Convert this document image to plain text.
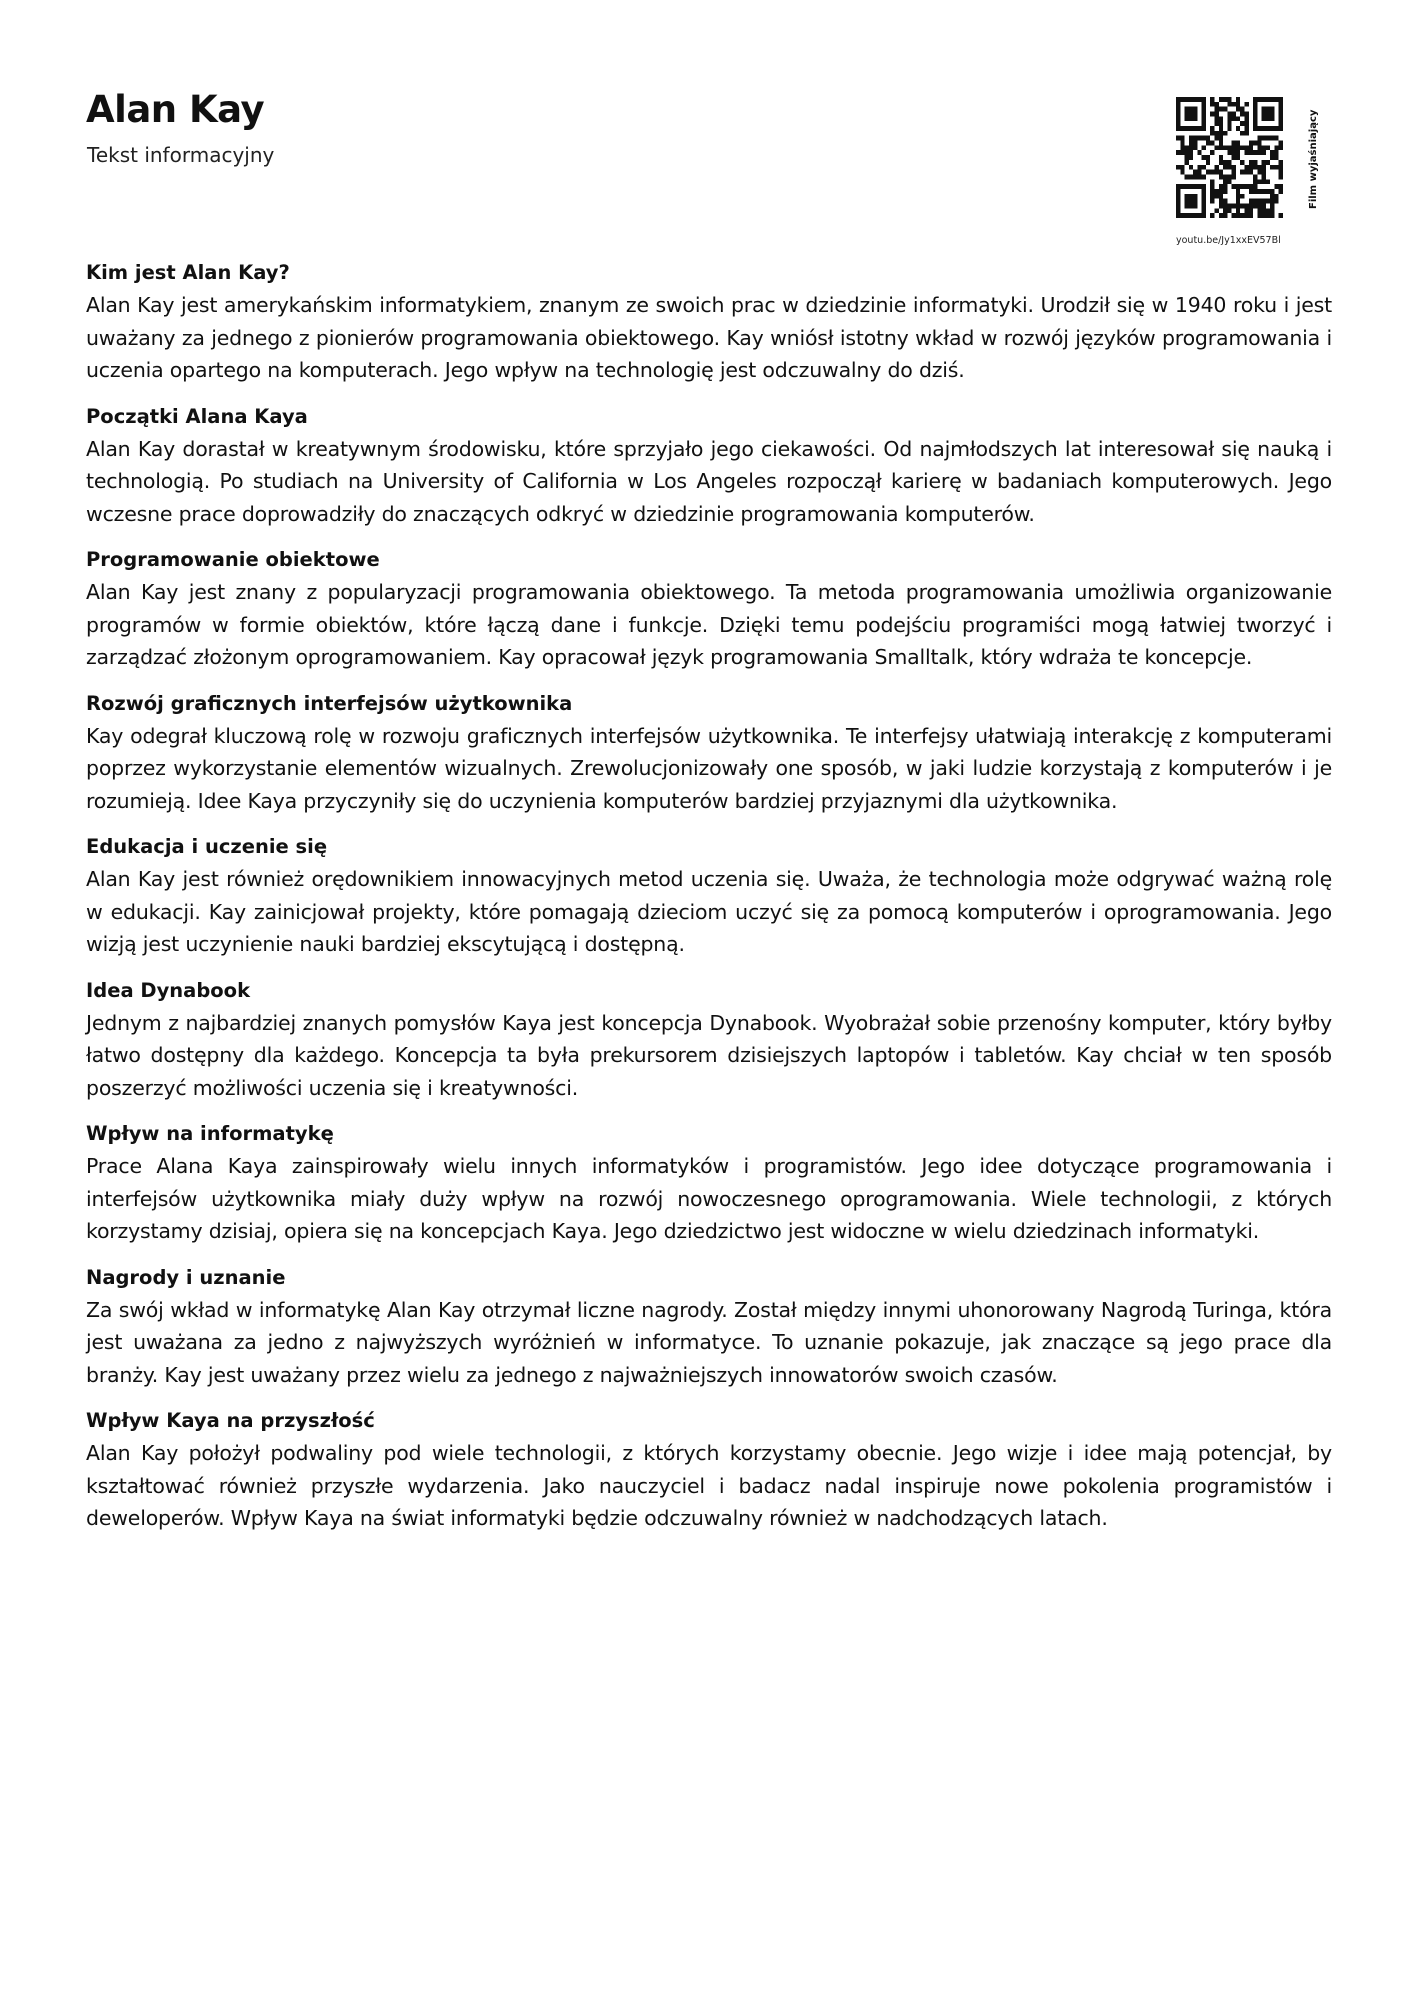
Alan Kay
Tekst informacyjny
youtu.be/Jy1xxEV57Bl
Film wyjaśniający
Kim jest Alan Kay?

Alan Kay jest amerykańskim informatykiem, znanym ze swoich prac w dziedzinie informatyki. Urodził się w 1940 roku i jest uważany za jednego z pionierów programowania obiektowego. Kay wniósł istotny wkład w rozwój języków programowania i uczenia opartego na komputerach. Jego wpływ na technologię jest odczuwalny do dziś.

Początki Alana Kaya

Alan Kay dorastał w kreatywnym środowisku, które sprzyjało jego ciekawości. Od najmłodszych lat interesował się nauką i technologią. Po studiach na University of California w Los Angeles rozpoczął karierę w badaniach komputerowych. Jego wczesne prace doprowadziły do znaczących odkryć w dziedzinie programowania komputerów.

Programowanie obiektowe

Alan Kay jest znany z popularyzacji programowania obiektowego. Ta metoda programowania umożliwia organizowanie programów w formie obiektów, które łączą dane i funkcje. Dzięki temu podejściu programiści mogą łatwiej tworzyć i zarządzać złożonym oprogramowaniem. Kay opracował język programowania Smalltalk, który wdraża te koncepcje.

Rozwój graficznych interfejsów użytkownika

Kay odegrał kluczową rolę w rozwoju graficznych interfejsów użytkownika. Te interfejsy ułatwiają interakcję z komputerami poprzez wykorzystanie elementów wizualnych. Zrewolucjonizowały one sposób, w jaki ludzie korzystają z komputerów i je rozumieją. Idee Kaya przyczyniły się do uczynienia komputerów bardziej przyjaznymi dla użytkownika.

Edukacja i uczenie się

Alan Kay jest również orędownikiem innowacyjnych metod uczenia się. Uważa, że technologia może odgrywać ważną rolę w edukacji. Kay zainicjował projekty, które pomagają dzieciom uczyć się za pomocą komputerów i oprogramowania. Jego wizją jest uczynienie nauki bardziej ekscytującą i dostępną.

Idea Dynabook

Jednym z najbardziej znanych pomysłów Kaya jest koncepcja Dynabook. Wyobrażał sobie przenośny komputer, który byłby łatwo dostępny dla każdego. Koncepcja ta była prekursorem dzisiejszych laptopów i tabletów. Kay chciał w ten sposób poszerzyć możliwości uczenia się i kreatywności.

Wpływ na informatykę

Prace Alana Kaya zainspirowały wielu innych informatyków i programistów. Jego idee dotyczące programowania i interfejsów użytkownika miały duży wpływ na rozwój nowoczesnego oprogramowania. Wiele technologii, z których korzystamy dzisiaj, opiera się na koncepcjach Kaya. Jego dziedzictwo jest widoczne w wielu dziedzinach informatyki.

Nagrody i uznanie

Za swój wkład w informatykę Alan Kay otrzymał liczne nagrody. Został między innymi uhonorowany Nagrodą Turinga, która jest uważana za jedno z najwyższych wyróżnień w informatyce. To uznanie pokazuje, jak znaczące są jego prace dla branży. Kay jest uważany przez wielu za jednego z najważniejszych innowatorów swoich czasów.

Wpływ Kaya na przyszłość

Alan Kay położył podwaliny pod wiele technologii, z których korzystamy obecnie. Jego wizje i idee mają potencjał, by kształtować również przyszłe wydarzenia. Jako nauczyciel i badacz nadal inspiruje nowe pokolenia programistów i deweloperów. Wpływ Kaya na świat informatyki będzie odczuwalny również w nadchodzących latach.
